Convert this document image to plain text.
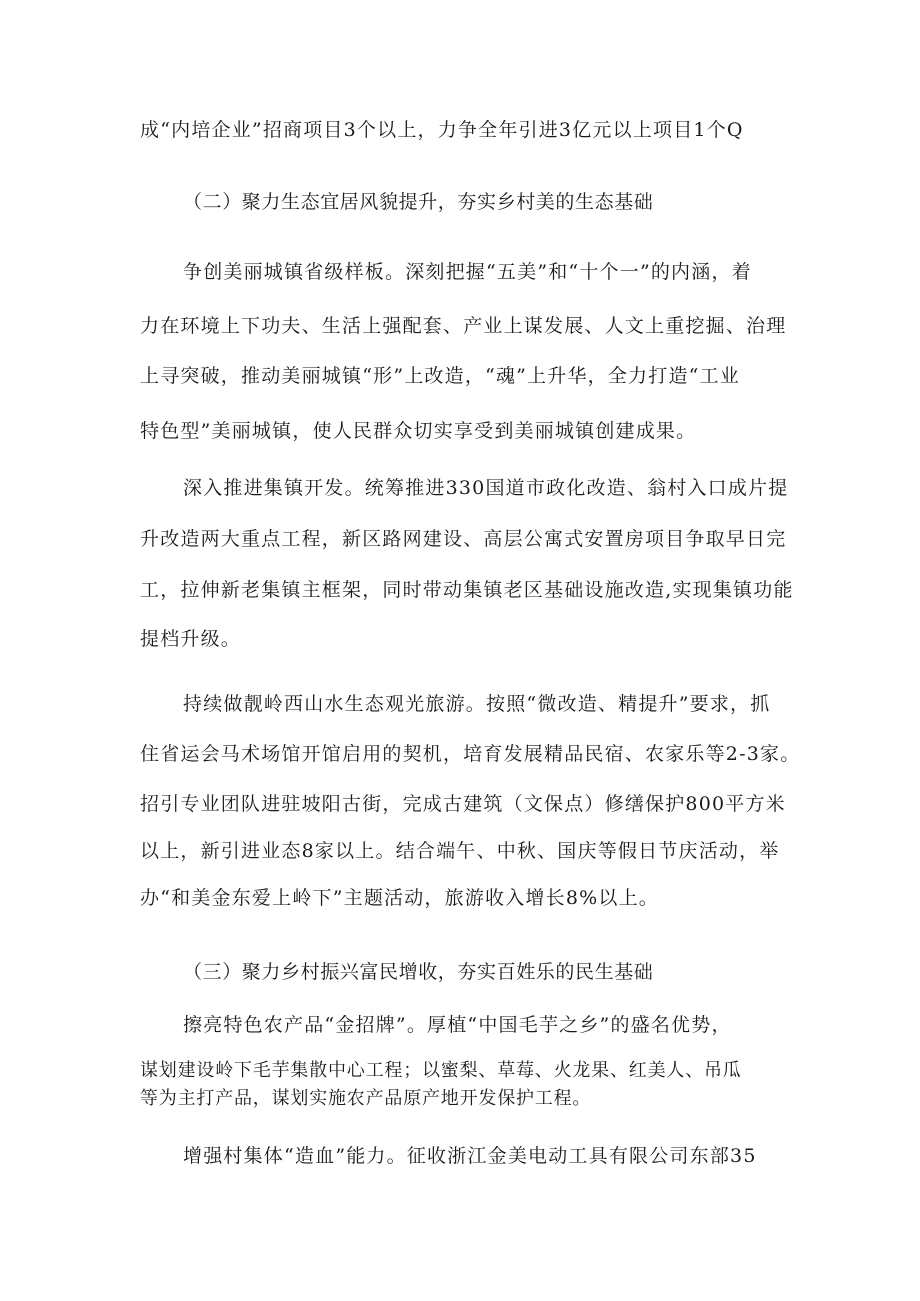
成“内培企业”招商项目3个以上，力争全年引进3亿元以上项目1个Q

（二）聚力生态宜居风貌提升，夯实乡村美的生态基础

争创美丽城镇省级样板。深刻把握“五美”和“十个一”的内涵，着

力在环境上下功夫、生活上强配套、产业上谋发展、人文上重挖掘、治理

上寻突破，推动美丽城镇“形”上改造，“魂”上升华，全力打造“工业

特色型”美丽城镇，使人民群众切实享受到美丽城镇创建成果。

深入推进集镇开发。统筹推进330国道市政化改造、翁村入口成片提

升改造两大重点工程，新区路网建设、高层公寓式安置房项目争取早日完

工，拉伸新老集镇主框架，同时带动集镇老区基础设施改造,实现集镇功能

提档升级。

持续做靓岭西山水生态观光旅游。按照“微改造、精提升”要求，抓

住省运会马术场馆开馆启用的契机，培育发展精品民宿、农家乐等2-3家。

招引专业团队进驻坡阳古街，完成古建筑（文保点）修缮保护800平方米

以上，新引进业态8家以上。结合端午、中秋、国庆等假日节庆活动，举

办“和美金东爱上岭下”主题活动，旅游收入增长8%以上。

（三）聚力乡村振兴富民增收，夯实百姓乐的民生基础

擦亮特色农产品“金招牌”。厚植“中国毛芋之乡”的盛名优势，

谋划建设岭下毛芋集散中心工程；以蜜梨、草莓、火龙果、红美人、吊瓜

等为主打产品，谋划实施农产品原产地开发保护工程。

增强村集体“造血”能力。征收浙江金美电动工具有限公司东部35
